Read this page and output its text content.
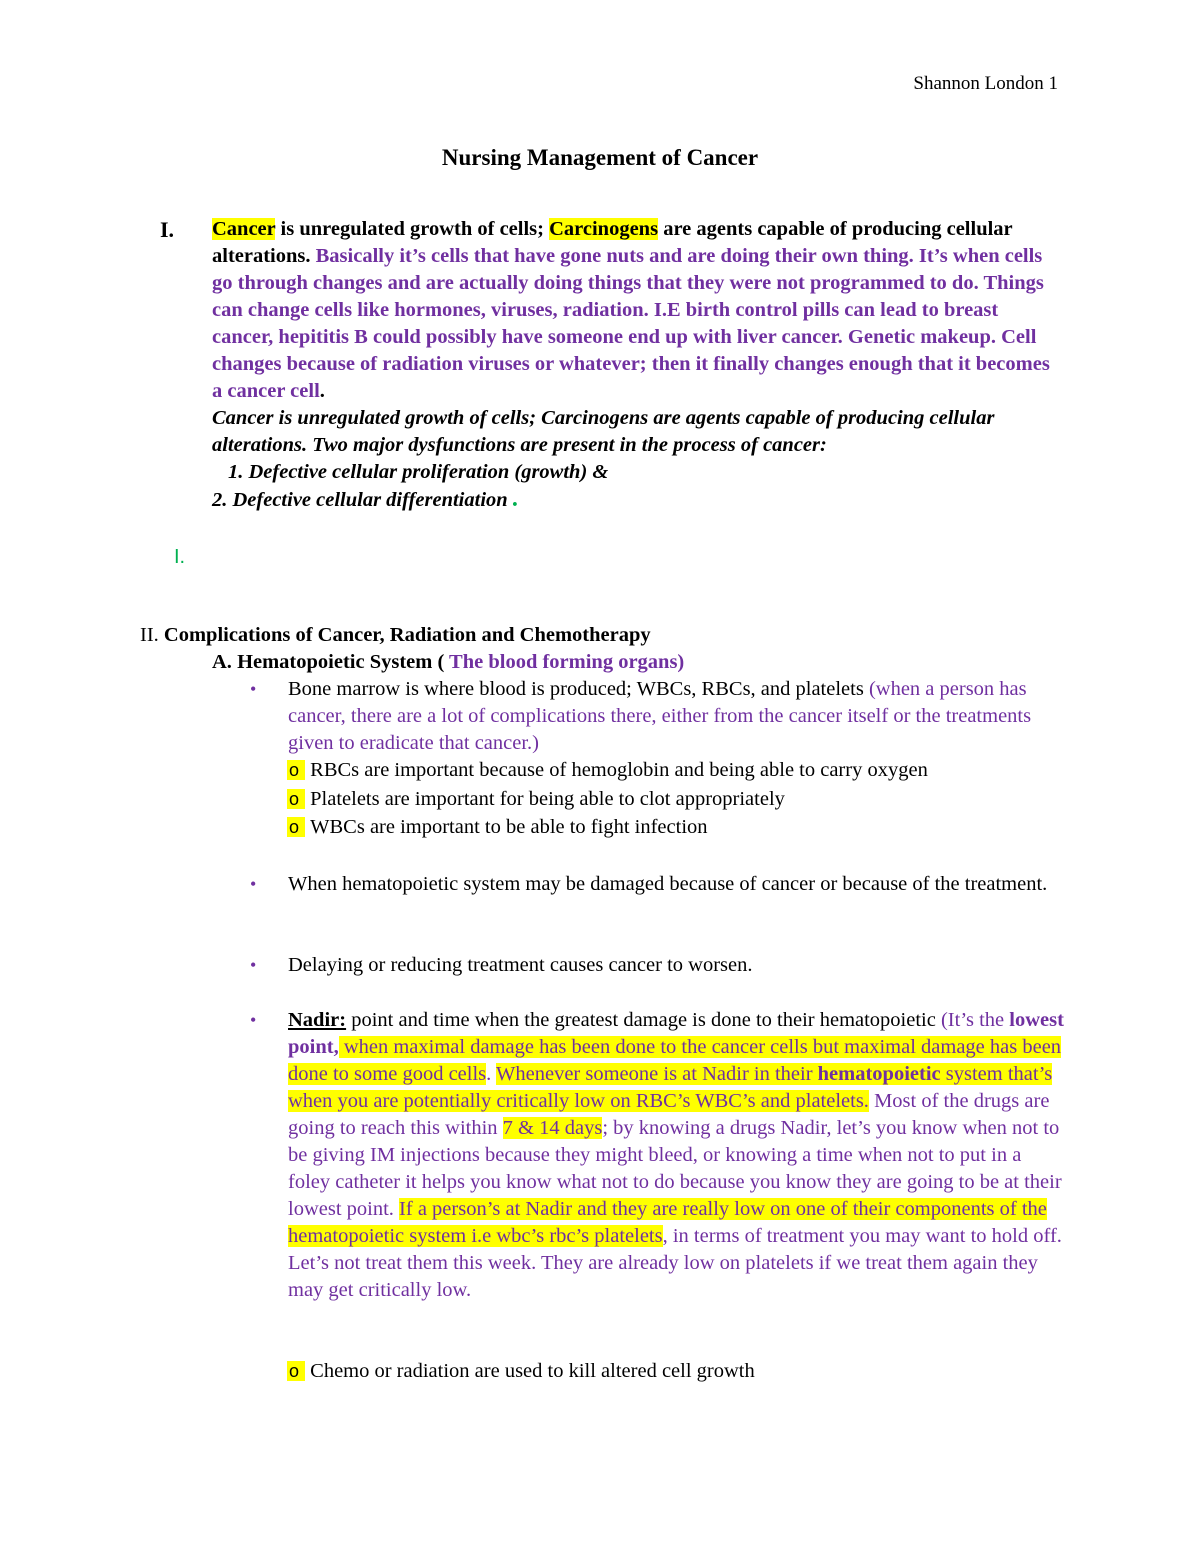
Shannon London 1
Nursing Management of Cancer
I. Cancer is unregulated growth of cells; Carcinogens are agents capable of producing cellular alterations. Basically it’s cells that have gone nuts and are doing their own thing. It’s when cells go through changes and are actually doing things that they were not programmed to do. Things can change cells like hormones, viruses, radiation. I.E birth control pills can lead to breast cancer, hepititis B could possibly have someone end up with liver cancer. Genetic makeup. Cell changes because of radiation viruses or whatever; then it finally changes enough that it becomes a cancer cell.
Cancer is unregulated growth of cells; Carcinogens are agents capable of producing cellular alterations. Two major dysfunctions are present in the process of cancer:
1. Defective cellular proliferation (growth) &
2. Defective cellular differentiation .
I.
II. Complications of Cancer, Radiation and Chemotherapy
A. Hematopoietic System ( The blood forming organs)
• Bone marrow is where blood is produced; WBCs, RBCs, and platelets (when a person has cancer, there are a lot of complications there, either from the cancer itself or the treatments given to eradicate that cancer.)
o RBCs are important because of hemoglobin and being able to carry oxygen
o Platelets are important for being able to clot appropriately
o WBCs are important to be able to fight infection
• When hematopoietic system may be damaged because of cancer or because of the treatment.
• Delaying or reducing treatment causes cancer to worsen.
• Nadir: point and time when the greatest damage is done to their hematopoietic (It’s the lowest point, when maximal damage has been done to the cancer cells but maximal damage has been done to some good cells. Whenever someone is at Nadir in their hematopoietic system that’s when you are potentially critically low on RBC’s WBC’s and platelets. Most of the drugs are going to reach this within 7 & 14 days; by knowing a drugs Nadir, let’s you know when not to be giving IM injections because they might bleed, or knowing a time when not to put in a foley catheter it helps you know what not to do because you know they are going to be at their lowest point. If a person’s at Nadir and they are really low on one of their components of the hematopoietic system i.e wbc’s rbc’s platelets, in terms of treatment you may want to hold off. Let’s not treat them this week. They are already low on platelets if we treat them again they may get critically low.
o Chemo or radiation are used to kill altered cell growth
